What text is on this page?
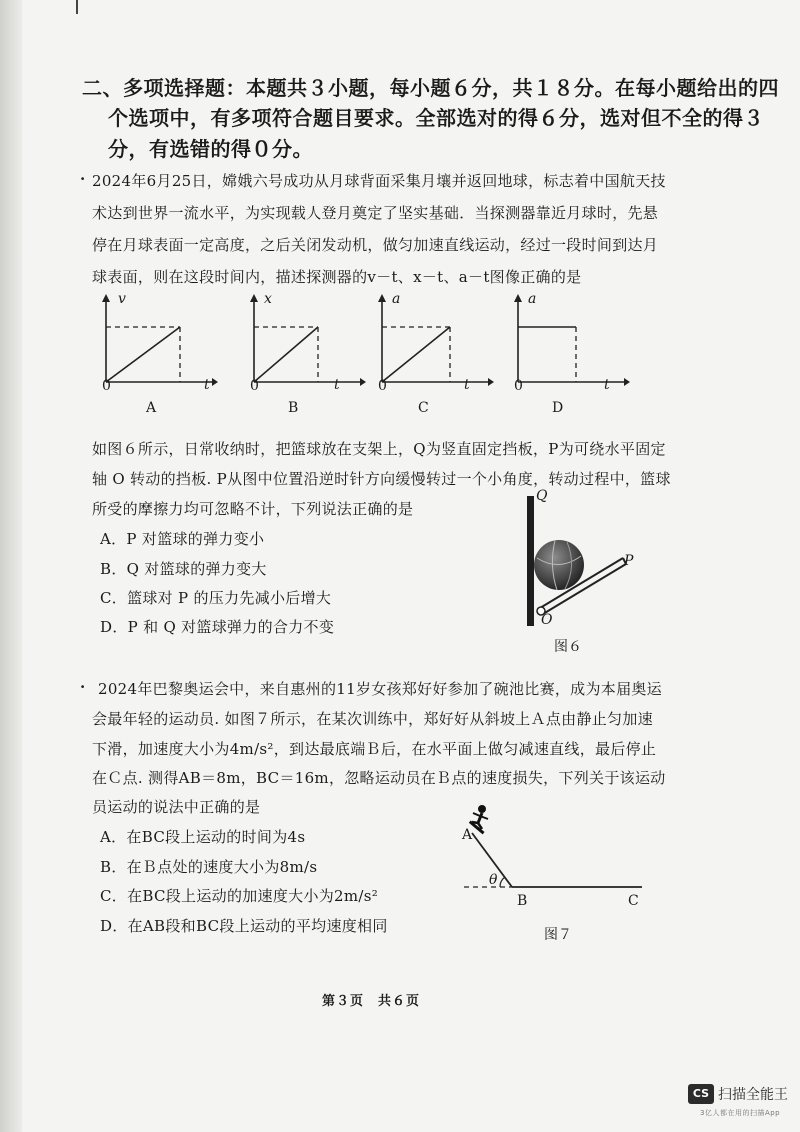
二、多项选择题：本题共３小题，每小题６分，共１８分。在每小题给出的四
个选项中，有多项符合题目要求。全部选对的得６分，选对但不全的得３
分，有选错的得０分。
. 2024年6月25日，嫦娥六号成功从月球背面采集月壤并返回地球，标志着中国航天技
术达到世界一流水平，为实现载人登月奠定了坚实基础．当探测器靠近月球时，先悬
停在月球表面一定高度，之后关闭发动机，做匀加速直线运动，经过一段时间到达月
球表面，则在这段时间内，描述探测器的v－t、x－t、a－t图像正确的是
v
t
0
A
x
t
0
B
a
t
0
C
a
t
0
D
如图６所示，日常收纳时，把篮球放在支架上，Q为竖直固定挡板，P为可绕水平固定
轴 O 转动的挡板. P从图中位置沿逆时针方向缓慢转过一个小角度，转动过程中，篮球
所受的摩擦力均可忽略不计，下列说法正确的是
A．P 对篮球的弹力变小
B．Q 对篮球的弹力变大
C．篮球对 P 的压力先减小后增大
D．P 和 Q 对篮球弹力的合力不变
Q
P
O
图６
. 2024年巴黎奥运会中，来自惠州的11岁女孩郑好好参加了碗池比赛，成为本届奥运
会最年轻的运动员. 如图７所示，在某次训练中，郑好好从斜坡上Ａ点由静止匀加速
下滑，加速度大小为4m/s²，到达最底端Ｂ后，在水平面上做匀减速直线，最后停止
在Ｃ点. 测得AB＝8m，BC＝16m，忽略运动员在Ｂ点的速度损失，下列关于该运动
员运动的说法中正确的是
A．在BC段上运动的时间为4s
B．在Ｂ点处的速度大小为8m/s
C．在BC段上运动的加速度大小为2m/s²
D．在AB段和BC段上运动的平均速度相同
A
θ
B	C
图７
第３页　共６页
CS 扫描全能王
3亿人都在用的扫描App
